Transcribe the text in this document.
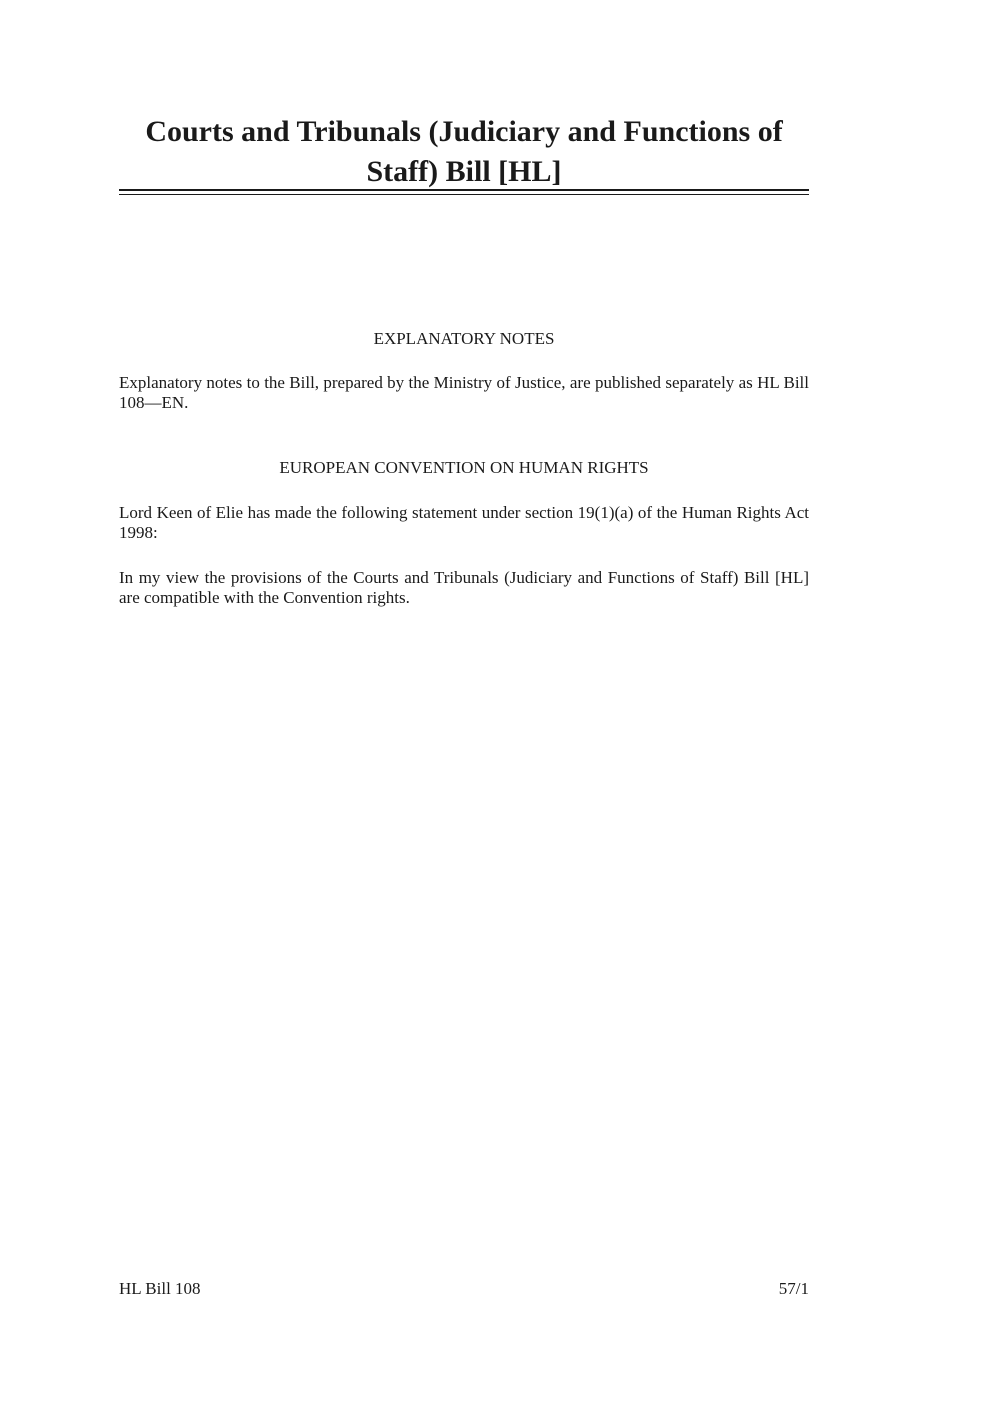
Courts and Tribunals (Judiciary and Functions of Staff) Bill [HL]
EXPLANATORY NOTES

Explanatory notes to the Bill, prepared by the Ministry of Justice, are published separately as HL Bill 108—EN.

EUROPEAN CONVENTION ON HUMAN RIGHTS

Lord Keen of Elie has made the following statement under section 19(1)(a) of the Human Rights Act 1998:

In my view the provisions of the Courts and Tribunals (Judiciary and Functions of Staff) Bill [HL] are compatible with the Convention rights.

HL Bill 108	57/1
